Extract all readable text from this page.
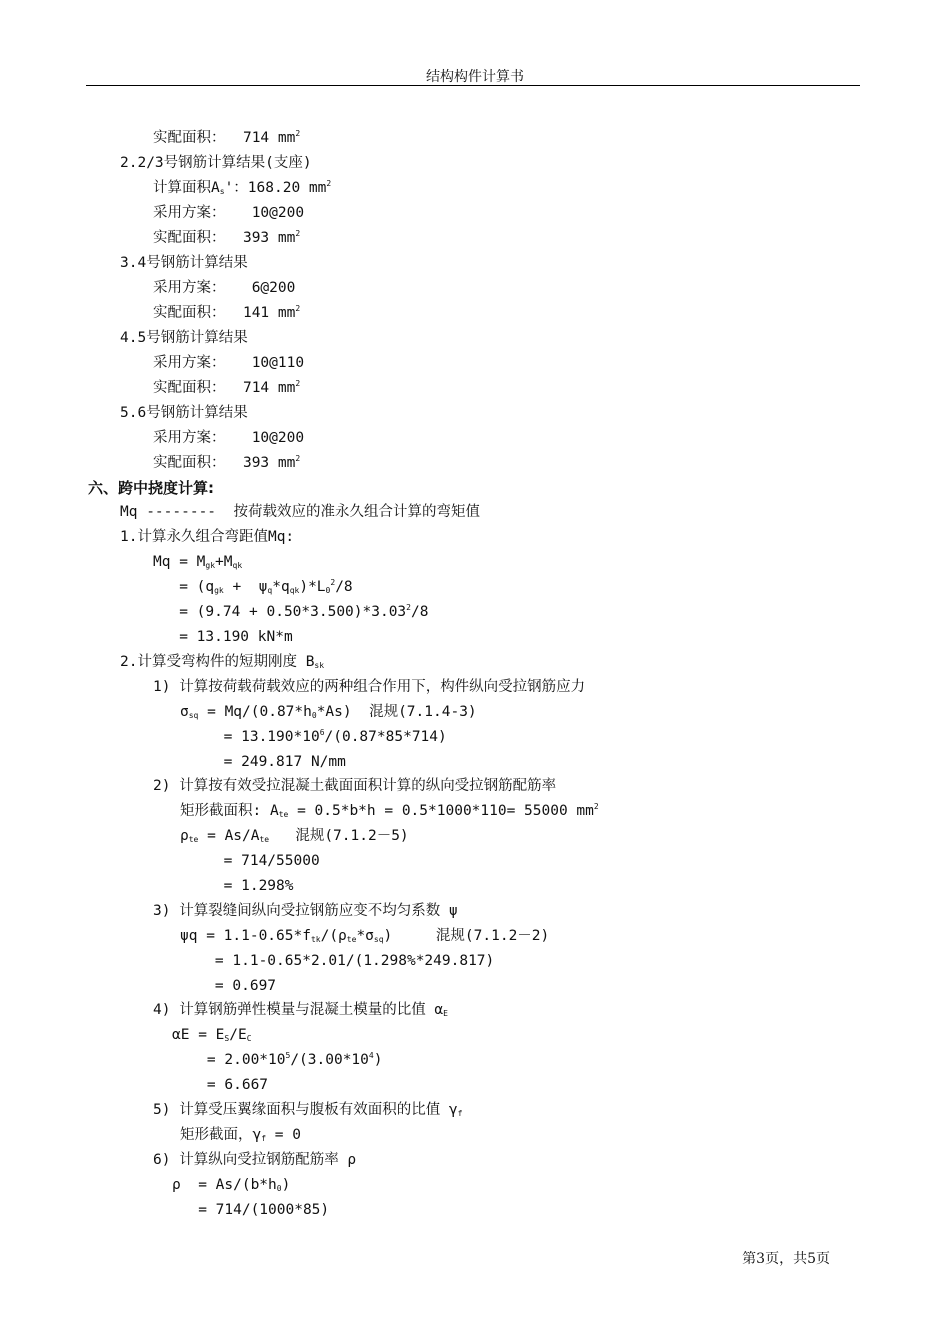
结构构件计算书
实配面积：  714 $mm^2$
2.2/3号钢筋计算结果(支座)
计算面积$A_s'$：168.20 $mm^2$
采用方案：   10@200
实配面积：  393 $mm^2$
3.4号钢筋计算结果
采用方案：   6@200
实配面积：  141 $mm^2$
4.5号钢筋计算结果
采用方案：   10@110
实配面积：  714 $mm^2$
5.6号钢筋计算结果
采用方案：   10@200
实配面积：  393 $mm^2$
六、跨中挠度计算:
Mq --------  按荷载效应的准永久组合计算的弯矩值
1.计算永久组合弯距值Mq:
$Mq = M_{gk}+M_{qk}$
= $(q_{gk} + \psi_q*q_{qk})*L_0^2/8$
= $(9.74 + 0.50*3.500)*3.03^2/8$
= 13.190 kN*m
2.计算受弯构件的短期刚度 $B_{sk}$
1) 计算按荷载荷载效应的两种组合作用下，构件纵向受拉钢筋应力
$\sigma_{sq} = Mq/(0.87*h_0*As)$  混规(7.1.4-3)
= $13.190*10^6/(0.87*85*714)$
= 249.817 N/mm
2) 计算按有效受拉混凝土截面面积计算的纵向受拉钢筋配筋率
矩形截面积: $A_{te} = 0.5*b*h = 0.5*1000*110= 55000$ $mm^2$
$\rho_{te} = As/A_{te}$   混规(7.1.2－5)
= 714/55000
= 1.298%
3) 计算裂缝间纵向受拉钢筋应变不均匀系数 ψ
$\psi q = 1.1-0.65*f_{tk}/(\rho_{te}*\sigma_{sq})$     混规(7.1.2－2)
= 1.1-0.65*2.01/(1.298%*249.817)
= 0.697
4) 计算钢筋弹性模量与混凝土模量的比值 $\alpha_E$
$\alpha E = E_S/E_C$
= $2.00*10^5/(3.00*10^4)$
= 6.667
5) 计算受压翼缘面积与腹板有效面积的比值 $\gamma_f$
矩形截面，$\gamma_f = 0$
6) 计算纵向受拉钢筋配筋率 ρ
$\rho = As/(b*h_0)$
= 714/(1000*85)
第3页，共5页
